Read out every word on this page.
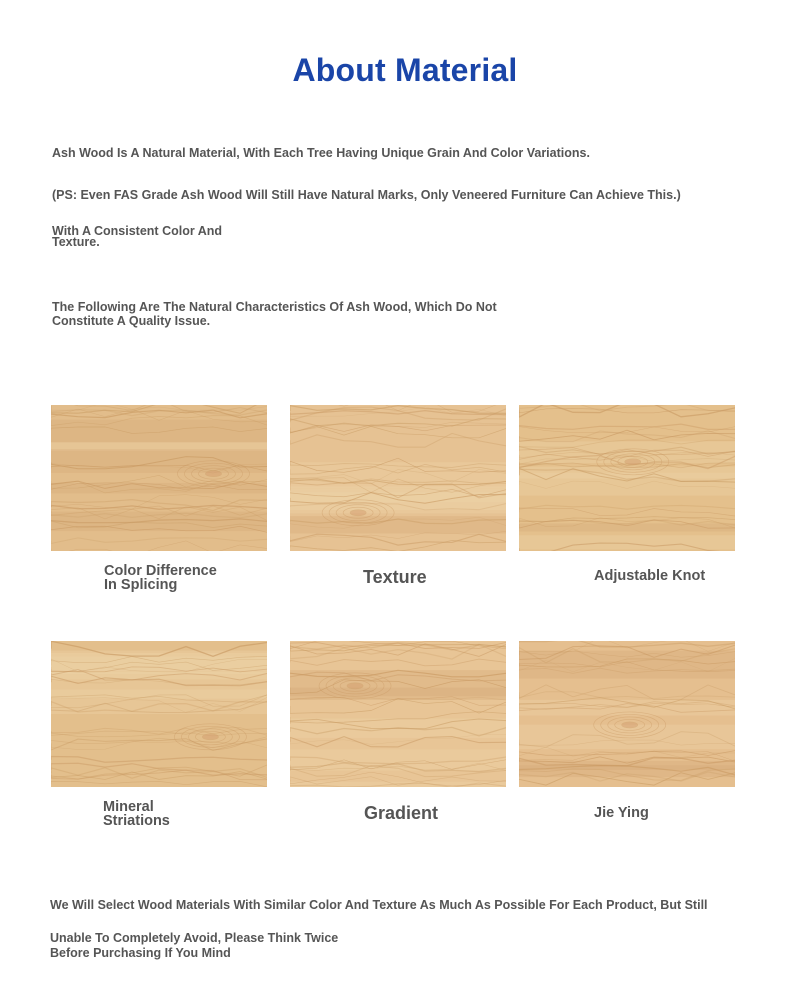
About Material
Ash Wood Is A Natural Material, With Each Tree Having Unique Grain And Color Variations.
(PS: Even FAS Grade Ash Wood Will Still Have Natural Marks, Only Veneered Furniture Can Achieve This.)
With A Consistent Color And Texture.
The Following Are The Natural Characteristics Of Ash Wood, Which Do Not Constitute A Quality Issue.
Color Difference In Splicing	Texture	Adjustable Knot
Mineral Striations	Gradient	Jie Ying
We Will Select Wood Materials With Similar Color And Texture As Much As Possible For Each Product, But Still
Unable To Completely Avoid, Please Think Twice Before Purchasing If You Mind
